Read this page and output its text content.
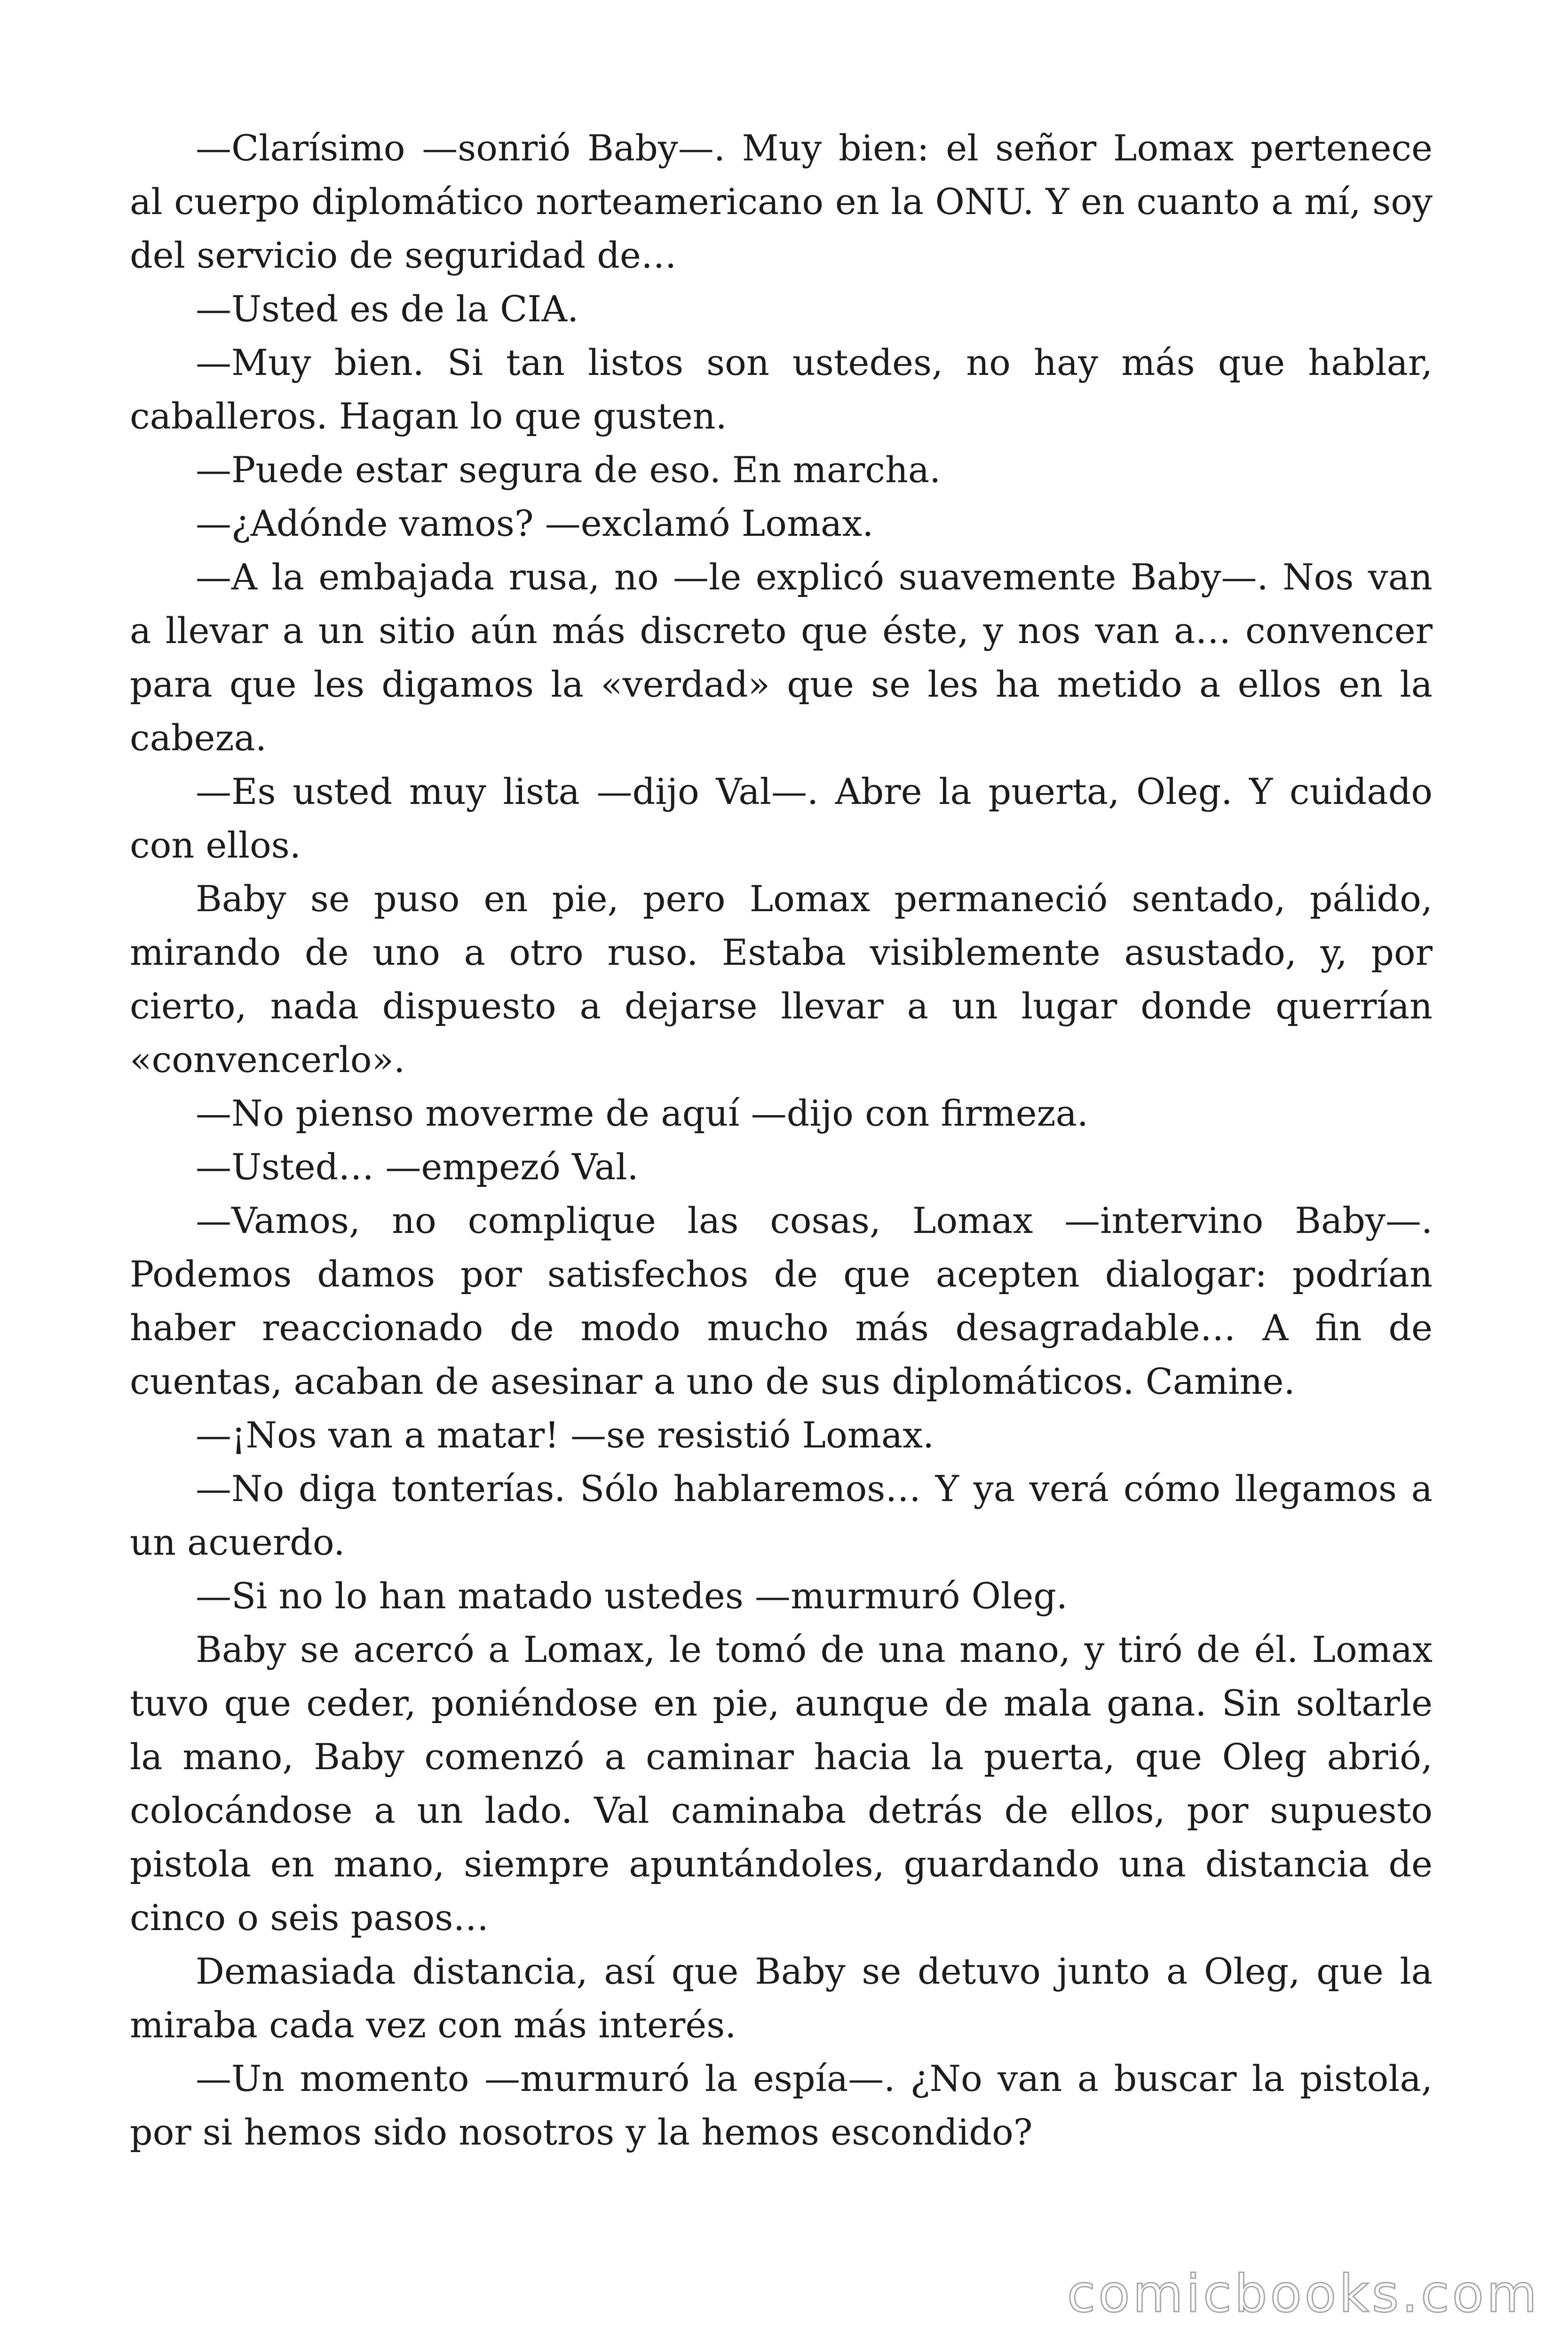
—Clarísimo —sonrió Baby—. Muy bien: el señor Lomax pertenece al cuerpo diplomático norteamericano en la ONU. Y en cuanto a mí, soy del servicio de seguridad de…

—Usted es de la CIA.

—Muy bien. Si tan listos son ustedes, no hay más que hablar, caballeros. Hagan lo que gusten.

—Puede estar segura de eso. En marcha.

—¿Adónde vamos? —exclamó Lomax.

—A la embajada rusa, no —le explicó suavemente Baby—. Nos van a llevar a un sitio aún más discreto que éste, y nos van a… convencer para que les digamos la «verdad» que se les ha metido a ellos en la cabeza.

—Es usted muy lista —dijo Val—. Abre la puerta, Oleg. Y cuidado con ellos.

Baby se puso en pie, pero Lomax permaneció sentado, pálido, mirando de uno a otro ruso. Estaba visiblemente asustado, y, por cierto, nada dispuesto a dejarse llevar a un lugar donde querrían «convencerlo».

—No pienso moverme de aquí —dijo con firmeza.

—Usted… —empezó Val.

—Vamos, no complique las cosas, Lomax —intervino Baby—. Podemos damos por satisfechos de que acepten dialogar: podrían haber reaccionado de modo mucho más desagradable… A fin de cuentas, acaban de asesinar a uno de sus diplomáticos. Camine.

—¡Nos van a matar! —se resistió Lomax.

—No diga tonterías. Sólo hablaremos… Y ya verá cómo llegamos a un acuerdo.

—Si no lo han matado ustedes —murmuró Oleg.

Baby se acercó a Lomax, le tomó de una mano, y tiró de él. Lomax tuvo que ceder, poniéndose en pie, aunque de mala gana. Sin soltarle la mano, Baby comenzó a caminar hacia la puerta, que Oleg abrió, colocándose a un lado. Val caminaba detrás de ellos, por supuesto pistola en mano, siempre apuntándoles, guardando una distancia de cinco o seis pasos…

Demasiada distancia, así que Baby se detuvo junto a Oleg, que la miraba cada vez con más interés.

—Un momento —murmuró la espía—. ¿No van a buscar la pistola, por si hemos sido nosotros y la hemos escondido?

comicbooks.com
